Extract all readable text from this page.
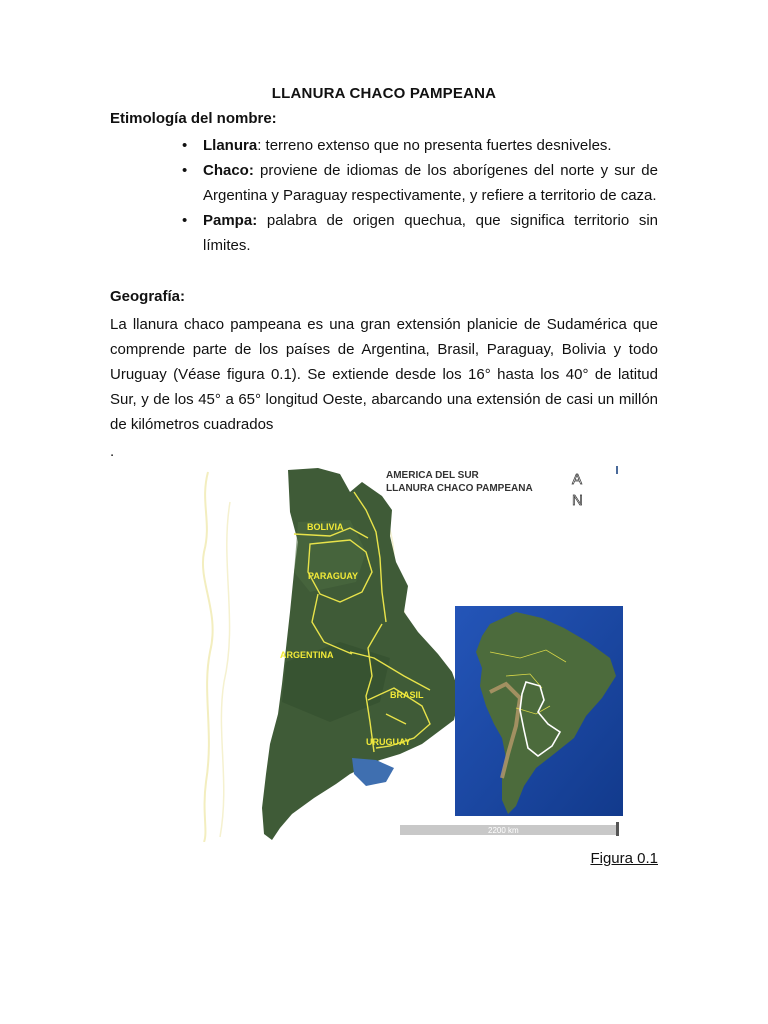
LLANURA CHACO PAMPEANA
Etimología del nombre:
• Llanura: terreno extenso que no presenta fuertes desniveles.
• Chaco: proviene de idiomas de los aborígenes del norte y sur de Argentina y Paraguay respectivamente, y refiere a territorio de caza.
• Pampa: palabra de origen quechua, que significa territorio sin límites.
Geografía:
La llanura chaco pampeana es una gran extensión planicie de Sudamérica que comprende parte de los países de Argentina, Brasil, Paraguay, Bolivia y todo Uruguay (Véase figura 0.1). Se extiende desde los 16° hasta los 40° de latitud Sur, y de los 45° a 65° longitud Oeste, abarcando una extensión de casi un millón de kilómetros cuadrados
.
BOLIVIA
PARAGUAY
ARGENTINA
BRASIL
URUGUAY
AMERICA DEL SUR
LLANURA CHACO PAMPEANA
A
N
2200 km
Figura 0.1
